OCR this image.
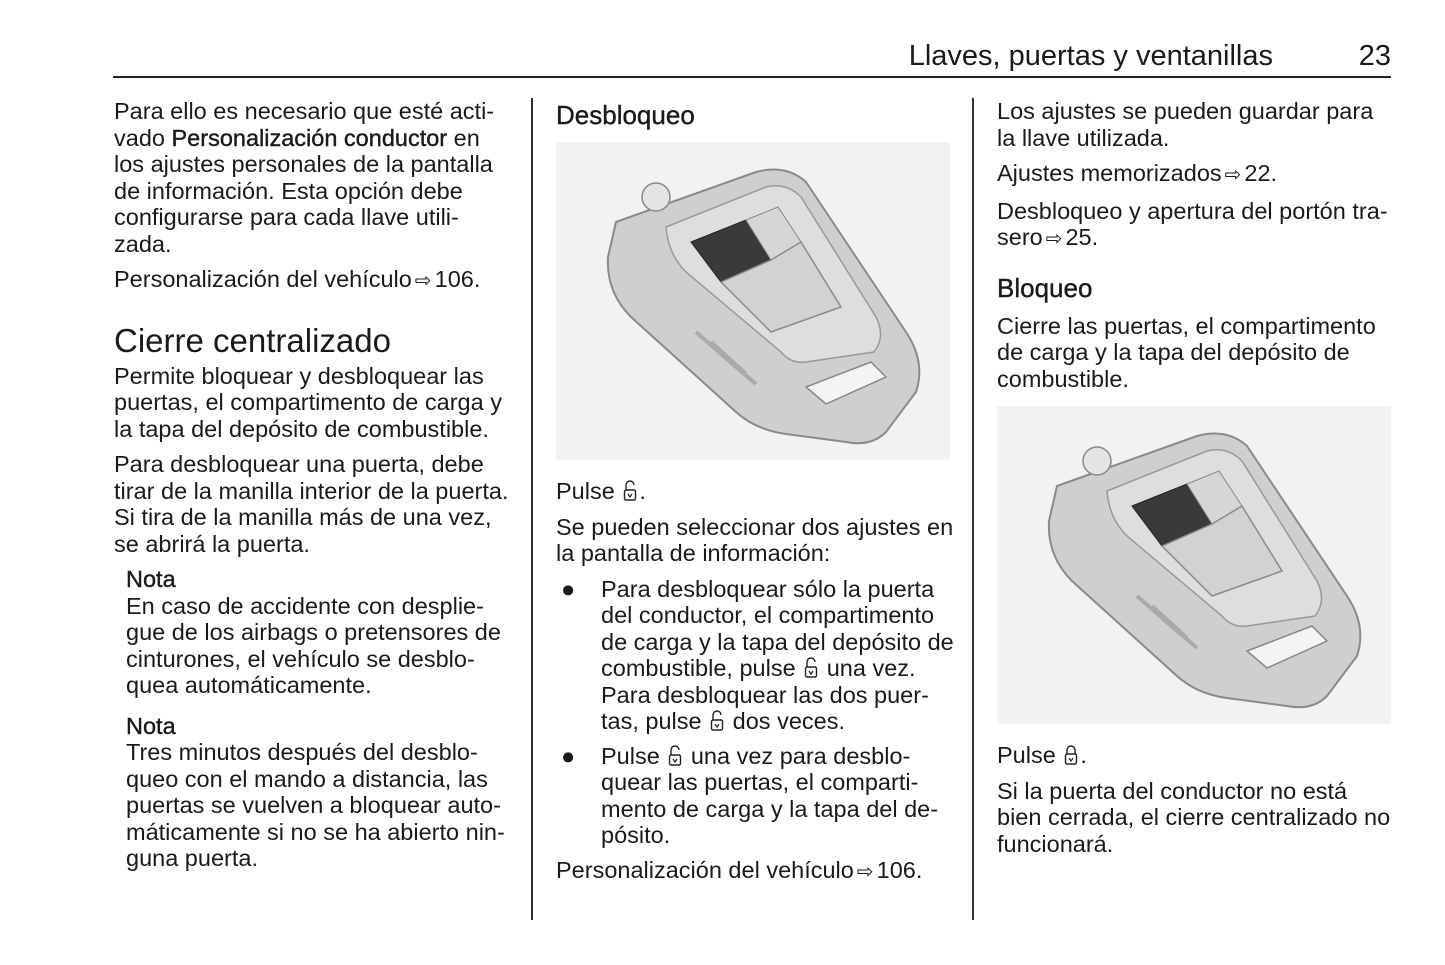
Llaves, puertas y ventanillas	23

Para ello es necesario que esté acti-vado Personalización conductor en los ajustes personales de la pantalla de información. Esta opción debe configurarse para cada llave utili-zada.

Personalización del vehículo ⇨ 106.

Cierre centralizado

Permite bloquear y desbloquear las puertas, el compartimento de carga y la tapa del depósito de combustible.

Para desbloquear una puerta, debe tirar de la manilla interior de la puerta. Si tira de la manilla más de una vez, se abrirá la puerta.

Nota

En caso de accidente con desplie-gue de los airbags o pretensores de cinturones, el vehículo se desblo-quea automáticamente.

Nota

Tres minutos después del desblo-queo con el mando a distancia, las puertas se vuelven a bloquear auto-máticamente si no se ha abierto nin-guna puerta.

Desbloqueo

Pulse .

Se pueden seleccionar dos ajustes en la pantalla de información:

● Para desbloquear sólo la puerta del conductor, el compartimento de carga y la tapa del depósito de combustible, pulse una vez. Para desbloquear las dos puer-tas, pulse dos veces.
● Pulse una vez para desblo-quear las puertas, el comparti-mento de carga y la tapa del de-pósito.

Personalización del vehículo ⇨ 106.

Los ajustes se pueden guardar para la llave utilizada.

Ajustes memorizados ⇨ 22.

Desbloqueo y apertura del portón tra-sero ⇨ 25.

Bloqueo

Cierre las puertas, el compartimento de carga y la tapa del depósito de combustible.

Pulse .

Si la puerta del conductor no está bien cerrada, el cierre centralizado no funcionará.
